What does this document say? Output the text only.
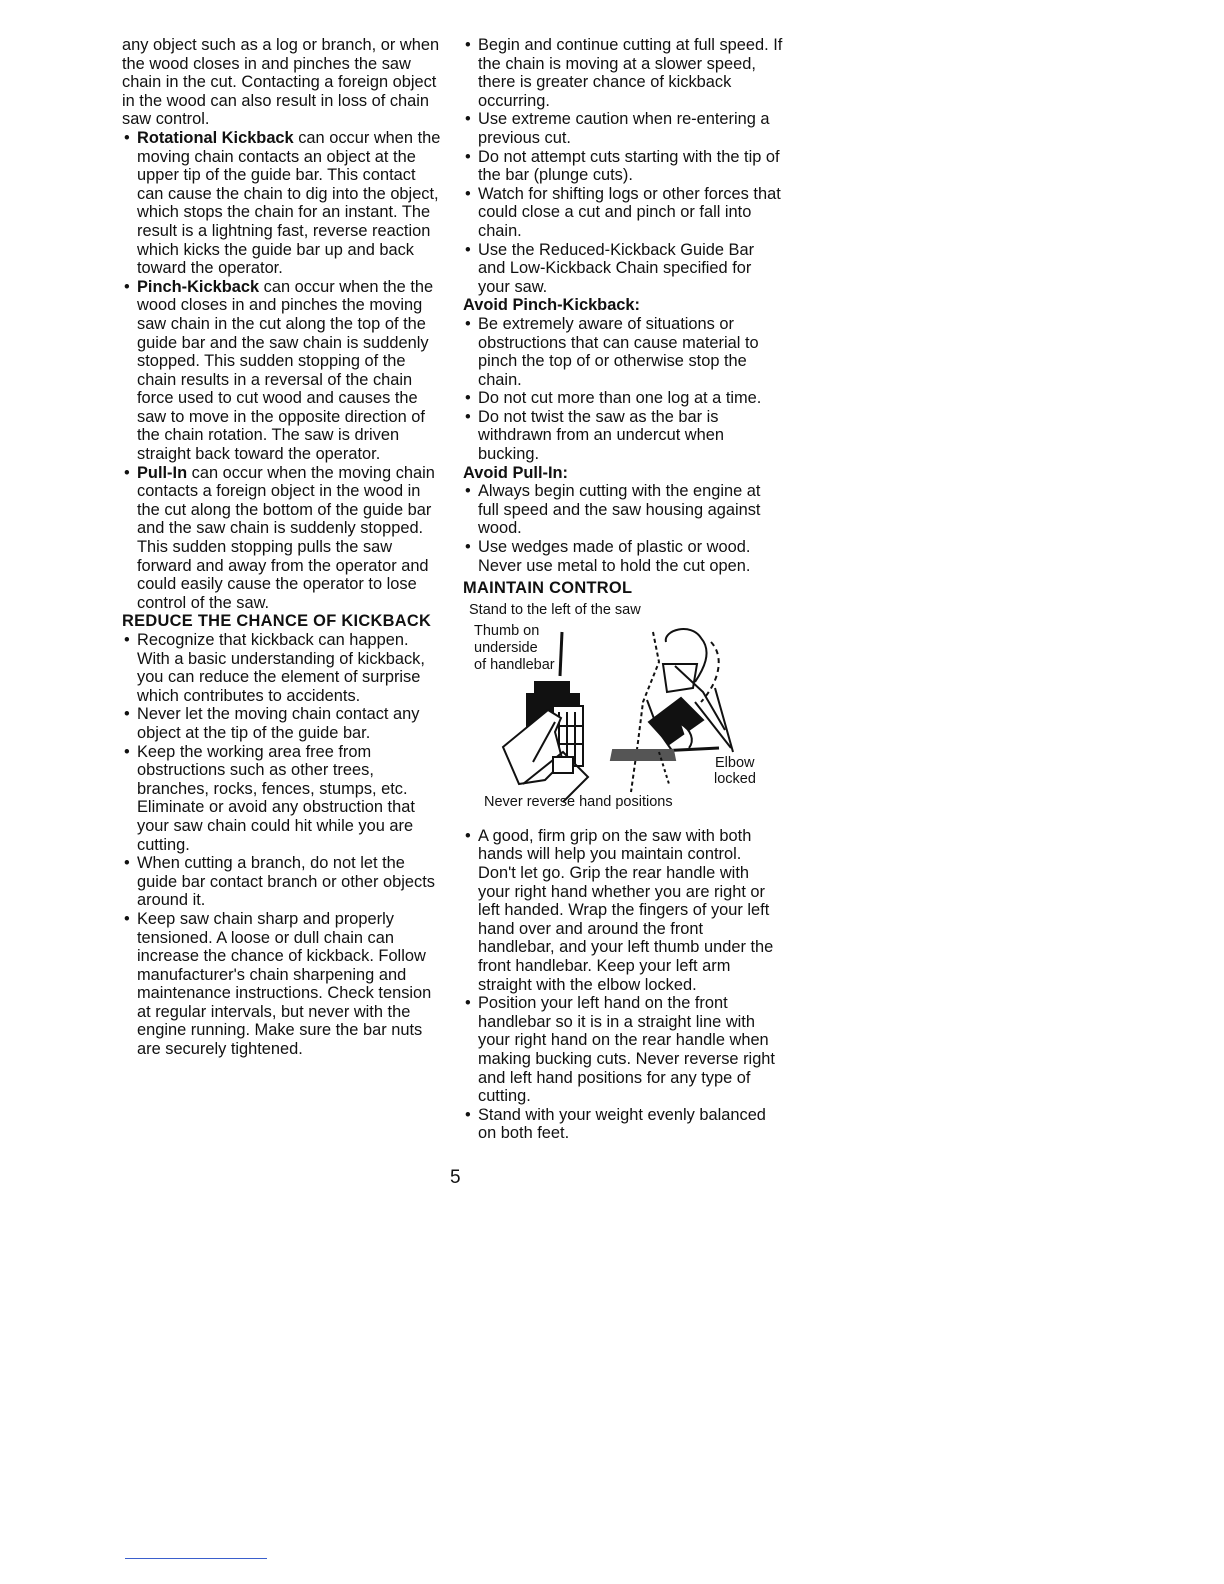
any object such as a log or branch, or when the wood closes in and pinches the saw chain in the cut. Contacting a foreign object in the wood can also result in loss of chain saw control.

• Rotational Kickback can occur when the moving chain contacts an object at the upper tip of the guide bar. This contact can cause the chain to dig into the object, which stops the chain for an instant. The result is a lightning fast, reverse reaction which kicks the guide bar up and back toward the operator.
• Pinch-Kickback can occur when the the wood closes in and pinches the moving saw chain in the cut along the top of the guide bar and the saw chain is suddenly stopped. This sudden stopping of the chain results in a reversal of the chain force used to cut wood and causes the saw to move in the opposite direction of the chain rotation. The saw is driven straight back toward the operator.
• Pull-In can occur when the moving chain contacts a foreign object in the wood in the cut along the bottom of the guide bar and the saw chain is suddenly stopped. This sudden stopping pulls the saw forward and away from the operator and could easily cause the operator to lose control of the saw.
REDUCE THE CHANCE OF KICKBACK
• Recognize that kickback can happen. With a basic understanding of kickback, you can reduce the element of surprise which contributes to accidents.
• Never let the moving chain contact any object at the tip of the guide bar.
• Keep the working area free from obstructions such as other trees, branches, rocks, fences, stumps, etc. Eliminate or avoid any obstruction that your saw chain could hit while you are cutting.
• When cutting a branch, do not let the guide bar contact branch or other objects around it.
• Keep saw chain sharp and properly tensioned. A loose or dull chain can increase the chance of kickback. Follow manufacturer's chain sharpening and maintenance instructions. Check tension at regular intervals, but never with the engine running. Make sure the bar nuts are securely tightened.
• Begin and continue cutting at full speed. If the chain is moving at a slower speed, there is greater chance of kickback occurring.
• Use extreme caution when re-entering a previous cut.
• Do not attempt cuts starting with the tip of the bar (plunge cuts).
• Watch for shifting logs or other forces that could close a cut and pinch or fall into chain.
• Use the Reduced-Kickback Guide Bar and Low-Kickback Chain specified for your saw.
Avoid Pinch-Kickback:
• Be extremely aware of situations or obstructions that can cause material to pinch the top of or otherwise stop the chain.
• Do not cut more than one log at a time.
• Do not twist the saw as the bar is withdrawn from an undercut when bucking.
Avoid Pull-In:
• Always begin cutting with the engine at full speed and the saw housing against wood.
• Use wedges made of plastic or wood. Never use metal to hold the cut open.
MAINTAIN CONTROL
Stand to the left of the saw
Thumb on
underside
of handlebar
Elbow
locked
Never reverse hand positions
• A good, firm grip on the saw with both hands will help you maintain control. Don't let go. Grip the rear handle with your right hand whether you are right or left handed. Wrap the fingers of your left hand over and around the front handlebar, and your left thumb under the front handlebar. Keep your left arm straight with the elbow locked.
• Position your left hand on the front handlebar so it is in a straight line with your right hand on the rear handle when making bucking cuts. Never reverse right and left hand positions for any type of cutting.
• Stand with your weight evenly balanced on both feet.
5
